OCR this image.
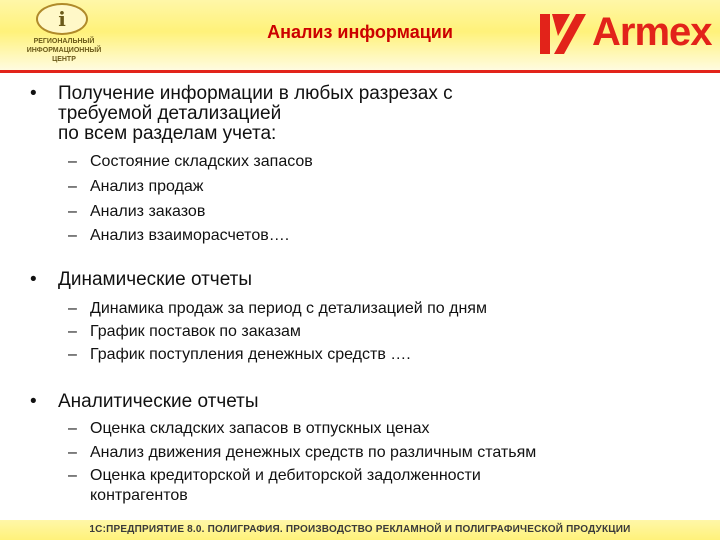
i
РЕГИОНАЛЬНЫЙ
ИНФОРМАЦИОННЫЙ
ЦЕНТР
Анализ информации	Armex
•	Получение информации в любых разрезах с
требуемой детализацией
по всем разделам учета:
– Состояние складских запасов
– Анализ продаж
– Анализ заказов
– Анализ взаиморасчетов….
•	Динамические отчеты
– Динамика продаж за период с детализацией по дням
– График поставок по заказам
– График поступления денежных средств ….
•	Аналитические отчеты
– Оценка складских запасов в отпускных ценах
– Анализ движения денежных средств по различным статьям
– Оценка кредиторской и дебиторской задолженности
контрагентов
1С:ПРЕДПРИЯТИЕ 8.0. ПОЛИГРАФИЯ. ПРОИЗВОДСТВО РЕКЛАМНОЙ И ПОЛИГРАФИЧЕСКОЙ ПРОДУКЦИИ
